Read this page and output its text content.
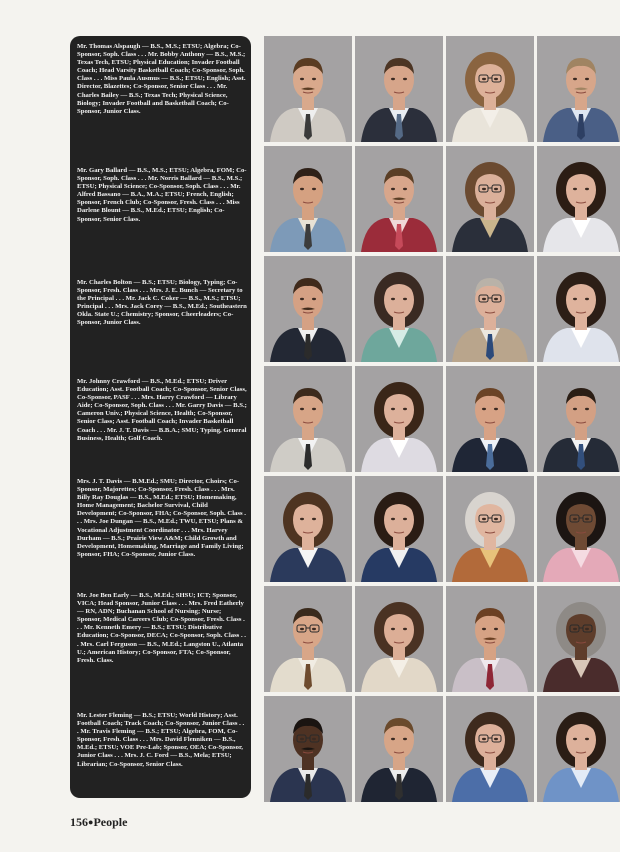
Mr. Thomas Alspaugh — B.S., M.S.; ETSU; Algebra; Co-Sponsor, Soph. Class . . . Mr. Bobby Anthony — B.S., M.S.; Texas Tech, ETSU; Physical Education; Invader Football Coach; Head Varsity Basketball Coach; Co-Sponsor, Soph. Class . . . Miss Paula Ausmus — B.S.; ETSU; English; Asst. Director, Blazettes; Co-Sponsor, Senior Class . . . Mr. Charles Bailey — B.S.; Texas Tech; Physical Science, Biology; Invader Football and Basketball Coach; Co-Sponsor, Junior Class.
Mr. Gary Ballard — B.S., M.S.; ETSU; Algebra, FOM; Co-Sponsor, Soph. Class . . . Mr. Norris Ballard — B.S., M.S.; ETSU; Physical Science; Co-Sponsor, Soph. Class . . . Mr. Alfred Bassano — B.A., M.A.; ETSU; French, English; Sponsor, French Club; Co-Sponsor, Fresh. Class . . . Miss Darlene Blount — B.S., M.Ed.; ETSU; English; Co-Sponsor, Senior Class.
Mr. Charles Bolton — B.S.; ETSU; Biology, Typing; Co-Sponsor, Fresh. Class . . . Mrs. J. E. Bunch — Secretary to the Principal . . . Mr. Jack C. Coker — B.S., M.S.; ETSU; Principal . . . Mrs. Jack Corey — B.S., M.Ed.; Southeastern Okla. State U.; Chemistry; Sponsor, Cheerleaders; Co-Sponsor, Junior Class.
Mr. Johnny Crawford — B.S., M.Ed.; ETSU; Driver Education; Asst. Football Coach; Co-Sponsor, Senior Class, Co-Sponsor, PASF . . . Mrs. Harry Crawford — Library Aide; Co-Sponsor, Soph. Class . . . Mr. Garry Davis — B.S.; Cameron Univ.; Physical Science, Health; Co-Sponsor, Senior Class; Asst. Football Coach; Invader Basketball Coach . . . Mr. J. T. Davis — B.B.A.; SMU; Typing, General Business, Health; Golf Coach.
Mrs. J. T. Davis — B.M.Ed.; SMU; Director, Choirs; Co-Sponsor, Majorettes; Co-Sponsor, Fresh. Class . . . Mrs. Billy Ray Douglas — B.S., M.Ed.; ETSU; Homemaking, Home Management; Bachelor Survival, Child Development; Co-Sponsor, FHA; Co-Sponsor, Soph. Class . . . Mrs. Joe Dungan — B.S., M.Ed.; TWU, ETSU; Plans & Vocational Adjustment Coordinator . . . Mrs. Harvey Durham — B.S.; Prairie View A&M; Child Growth and Development, Homemaking, Marriage and Family Living; Sponsor, FHA; Co-Sponsor, Junior Class.
Mr. Joe Ben Early — B.S., M.Ed.; SHSU; ICT; Sponsor, VICA; Head Sponsor, Junior Class . . . Mrs. Fred Eatherly — RN, ADN; Buchanan School of Nursing; Nurse; Sponsor, Medical Careers Club; Co-Sponsor, Fresh. Class . . . Mr. Kenneth Emery — B.S.; ETSU; Distributive Education; Co-Sponsor, DECA; Co-Sponsor, Soph. Class . . . Mrs. Carl Ferguson — B.S., M.Ed.; Langston U., Atlanta U.; American History; Co-Sponsor, FTA; Co-Sponsor, Fresh. Class.
Mr. Lester Fleming — B.S.; ETSU; World History; Asst. Football Coach; Track Coach; Co-Sponsor, Junior Class . . . Mr. Travis Fleming — B.S.; ETSU; Algebra, FOM, Co-Sponsor, Fresh. Class . . . Mrs. David Flenniken — B.S., M.Ed.; ETSU; VOE Pre-Lab; Sponsor, OEA; Co-Sponsor, Junior Class . . . Mrs. J. C. Ford — B.S., Mela; ETSU; Librarian; Co-Sponsor, Senior Class.
156●People
